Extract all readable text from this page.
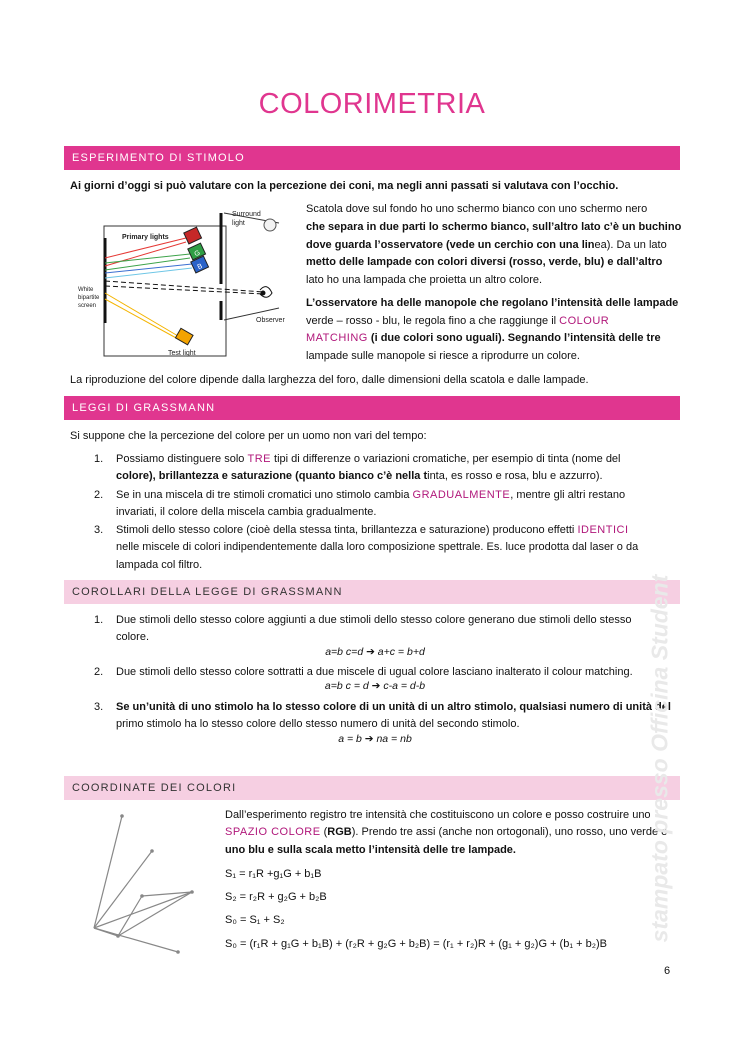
COLORIMETRIA
ESPERIMENTO DI STIMOLO
Ai giorni d’oggi si può valutare con la percezione dei coni, ma negli anni passati si valutava con l’occhio.
G
B
Surround
light
Primary lights
White
bipartite
screen
Observer
Test light
Scatola dove sul fondo ho uno schermo bianco con uno schermo nero
che separa in due parti lo schermo bianco, sull’altro lato c’è un buchino
dove guarda l’osservatore (vede un cerchio con una linea). Da un lato
metto delle lampade con colori diversi (rosso, verde, blu) e dall’altro
lato ho una lampada che proietta un altro colore.
L’osservatore ha delle manopole che regolano l’intensità delle lampade
verde – rosso - blu, le regola fino a che raggiunge il COLOUR
MATCHING (i due colori sono uguali). Segnando l’intensità delle tre
lampade sulle manopole si riesce a riprodurre un colore.
La riproduzione del colore dipende dalla larghezza del foro, dalle dimensioni della scatola e dalle lampade.
LEGGI DI GRASSMANN
Si suppone che la percezione del colore per un uomo non vari del tempo:
1. Possiamo distinguere solo TRE tipi di differenze o variazioni cromatiche, per esempio di tinta (nome del
colore), brillantezza e saturazione (quanto bianco c’è nella tinta, es rosso e rosa, blu e azzurro).
2. Se in una miscela di tre stimoli cromatici uno stimolo cambia GRADUALMENTE, mentre gli altri restano
invariati, il colore della miscela cambia gradualmente.
3. Stimoli dello stesso colore (cioè della stessa tinta, brillantezza e saturazione) producono effetti IDENTICI
nelle miscele di colori indipendentemente dalla loro composizione spettrale. Es. luce prodotta dal laser o da
lampada col filtro.
COROLLARI DELLA LEGGE DI GRASSMANN
1. Due stimoli dello stesso colore aggiunti a due stimoli dello stesso colore generano due stimoli dello stesso
colore.
a=b c=d ➔ a+c = b+d
2. Due stimoli dello stesso colore sottratti a due miscele di ugual colore lasciano inalterato il colour matching.
a=b c = d ➔ c-a = d-b
3. Se un’unità di uno stimolo ha lo stesso colore di un unità di un altro stimolo, qualsiasi numero di unità del
primo stimolo ha lo stesso colore dello stesso numero di unità del secondo stimolo.
a = b ➔ na = nb
COORDINATE DEI COLORI
Dall’esperimento registro tre intensità che costituiscono un colore e posso costruire uno
SPAZIO COLORE (RGB). Prendo tre assi (anche non ortogonali), uno rosso, uno verde e
uno blu e sulla scala metto l’intensità delle tre lampade.
S₁ = r₁R +g₁G + b₁B
S₂ = r₂R + g₂G + b₂B
S₀ = S₁ + S₂
S₀ = (r₁R + g₁G + b₁B) + (r₂R + g₂G + b₂B) = (r₁ + r₂)R + (g₁ + g₂)G + (b₁ + b₂)B
stampato presso Officina Student
6
